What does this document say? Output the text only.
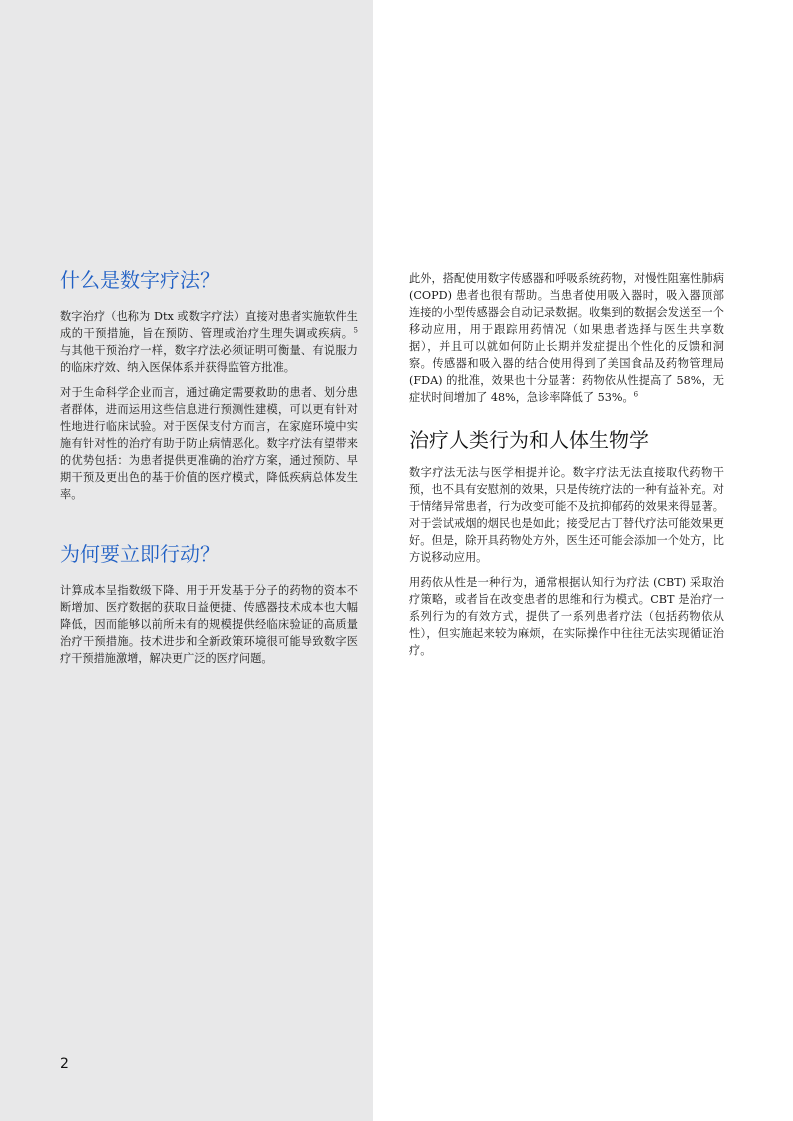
什么是数字疗法？

数字治疗（也称为 Dtx 或数字疗法）直接对患者实施软件生成的干预措施，旨在预防、管理或治疗生理失调或疾病。$^5$ 与其他干预治疗一样，数字疗法必须证明可衡量、有说服力的临床疗效、纳入医保体系并获得监管方批准。

对于生命科学企业而言，通过确定需要救助的患者、划分患者群体，进而运用这些信息进行预测性建模，可以更有针对性地进行临床试验。对于医保支付方而言，在家庭环境中实施有针对性的治疗有助于防止病情恶化。数字疗法有望带来的优势包括：为患者提供更准确的治疗方案，通过预防、早期干预及更出色的基于价值的医疗模式，降低疾病总体发生率。

为何要立即行动？

计算成本呈指数级下降、用于开发基于分子的药物的资本不断增加、医疗数据的获取日益便捷、传感器技术成本也大幅降低，因而能够以前所未有的规模提供经临床验证的高质量治疗干预措施。技术进步和全新政策环境很可能导致数字医疗干预措施激增，解决更广泛的医疗问题。

此外，搭配使用数字传感器和呼吸系统药物，对慢性阻塞性肺病 (COPD) 患者也很有帮助。当患者使用吸入器时，吸入器顶部连接的小型传感器会自动记录数据。收集到的数据会发送至一个移动应用，用于跟踪用药情况（如果患者选择与医生共享数据），并且可以就如何防止长期并发症提出个性化的反馈和洞察。传感器和吸入器的结合使用得到了美国食品及药物管理局 (FDA) 的批准，效果也十分显著：药物依从性提高了 58%，无症状时间增加了 48%，急诊率降低了 53%。$^6$

治疗人类行为和人体生物学

数字疗法无法与医学相提并论。数字疗法无法直接取代药物干预，也不具有安慰剂的效果，只是传统疗法的一种有益补充。对于情绪异常患者，行为改变可能不及抗抑郁药的效果来得显著。对于尝试戒烟的烟民也是如此；接受尼古丁替代疗法可能效果更好。但是，除开具药物处方外，医生还可能会添加一个处方，比方说移动应用。

用药依从性是一种行为，通常根据认知行为疗法 (CBT) 采取治疗策略，或者旨在改变患者的思维和行为模式。CBT 是治疗一系列行为的有效方式，提供了一系列患者疗法（包括药物依从性），但实施起来较为麻烦，在实际操作中往往无法实现循证治疗。

2
